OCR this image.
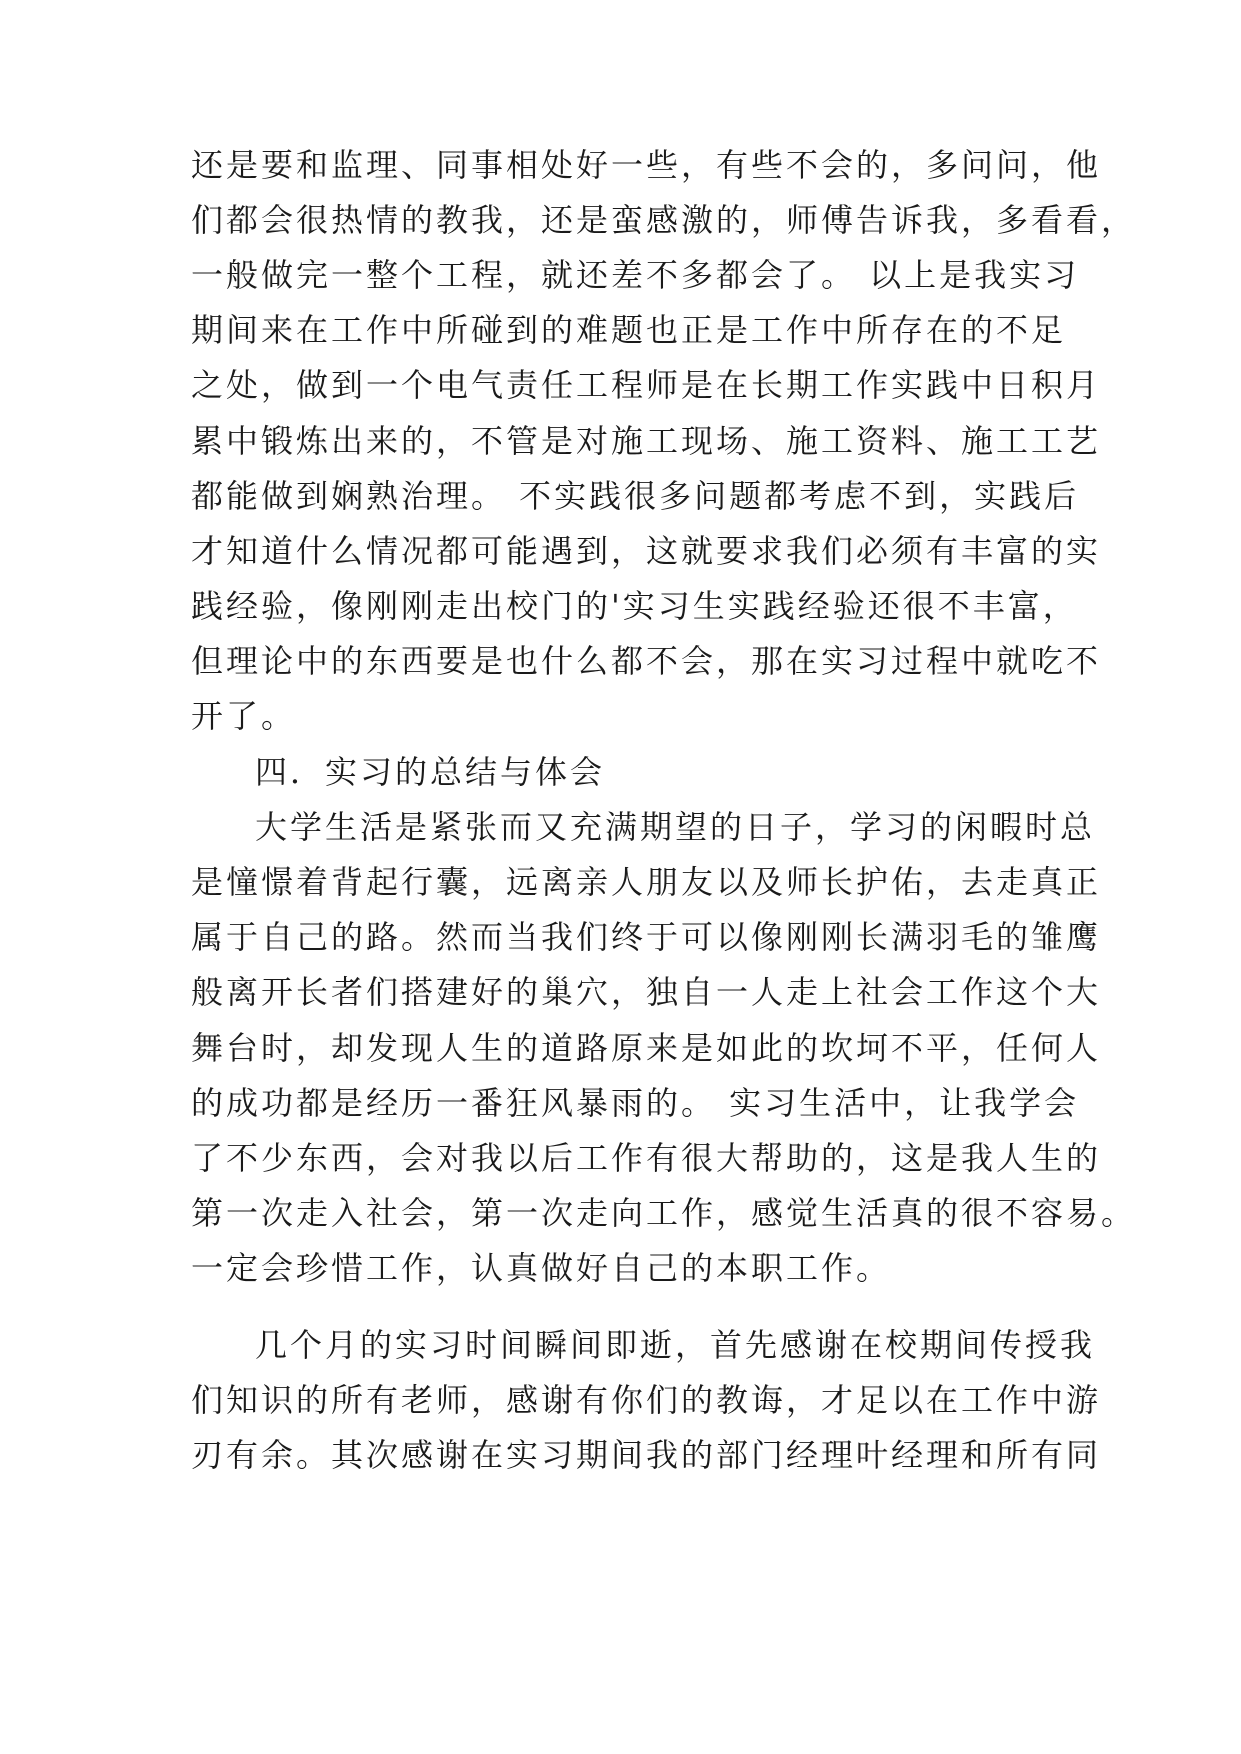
还是要和监理、同事相处好一些，有些不会的，多问问，他
们都会很热情的教我，还是蛮感激的，师傅告诉我，多看看，
一般做完一整个工程，就还差不多都会了。 以上是我实习
期间来在工作中所碰到的难题也正是工作中所存在的不足
之处，做到一个电气责任工程师是在长期工作实践中日积月
累中锻炼出来的，不管是对施工现场、施工资料、施工工艺
都能做到娴熟治理。 不实践很多问题都考虑不到，实践后
才知道什么情况都可能遇到，这就要求我们必须有丰富的实
践经验，像刚刚走出校门的'实习生实践经验还很不丰富，
但理论中的东西要是也什么都不会，那在实习过程中就吃不
开了。
四．实习的总结与体会
大学生活是紧张而又充满期望的日子，学习的闲暇时总
是憧憬着背起行囊，远离亲人朋友以及师长护佑，去走真正
属于自己的路。然而当我们终于可以像刚刚长满羽毛的雏鹰
般离开长者们搭建好的巢穴，独自一人走上社会工作这个大
舞台时，却发现人生的道路原来是如此的坎坷不平，任何人
的成功都是经历一番狂风暴雨的。 实习生活中，让我学会
了不少东西，会对我以后工作有很大帮助的，这是我人生的
第一次走入社会，第一次走向工作，感觉生活真的很不容易。
一定会珍惜工作，认真做好自己的本职工作。
几个月的实习时间瞬间即逝，首先感谢在校期间传授我
们知识的所有老师，感谢有你们的教诲，才足以在工作中游
刃有余。其次感谢在实习期间我的部门经理叶经理和所有同
